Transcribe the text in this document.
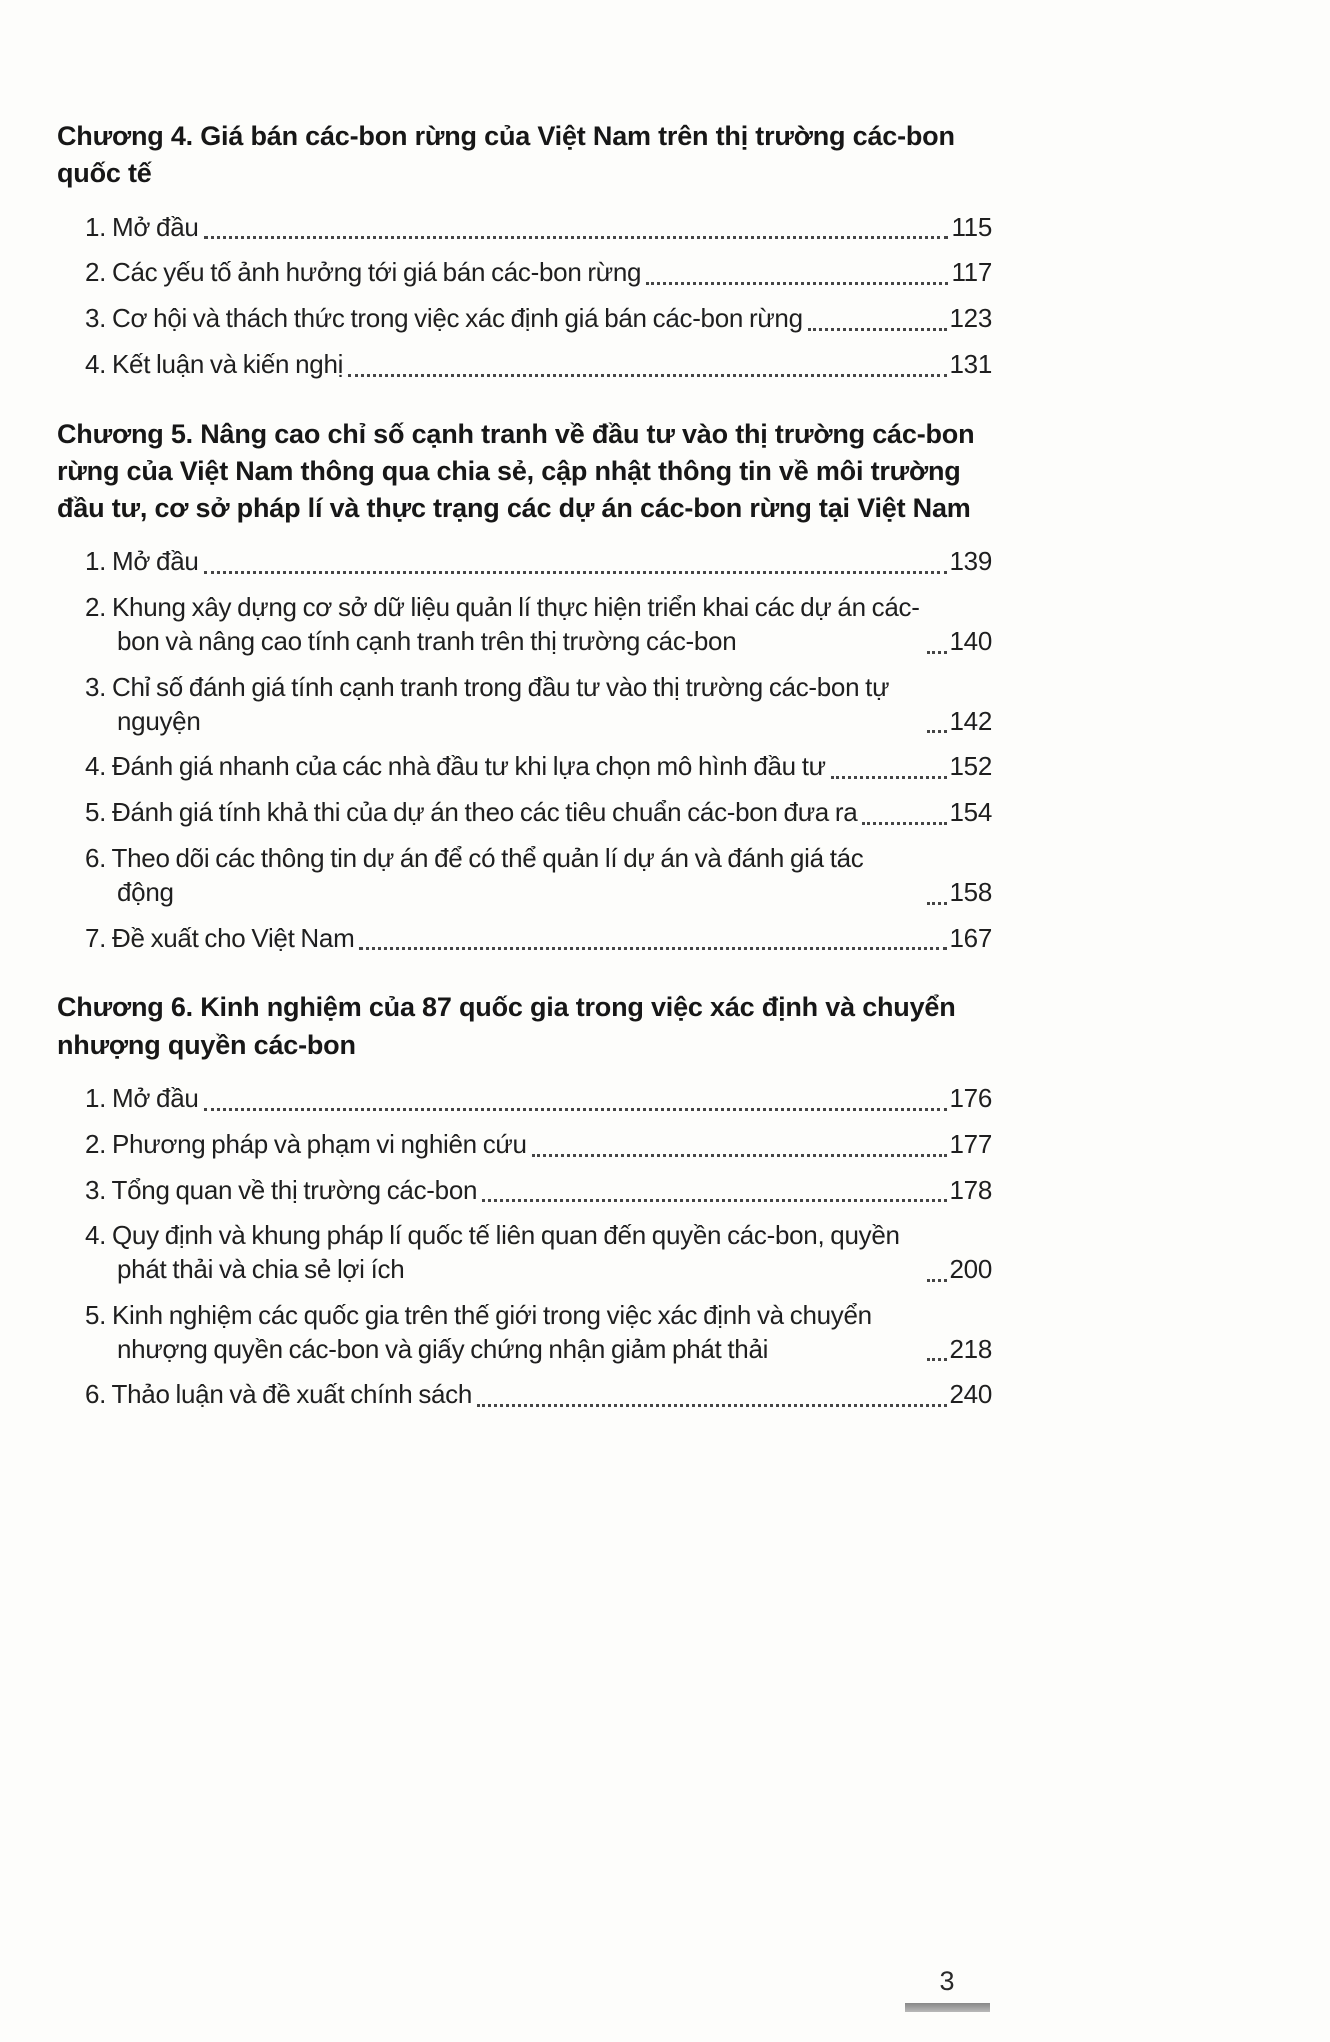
Chương 4. Giá bán các-bon rừng của Việt Nam trên thị trường các-bon quốc tế
1. Mở đầu	115
2. Các yếu tố ảnh hưởng tới giá bán các-bon rừng	117
3. Cơ hội và thách thức trong việc xác định giá bán các-bon rừng	123
4. Kết luận và kiến nghị	131
Chương 5. Nâng cao chỉ số cạnh tranh về đầu tư vào thị trường các-bon rừng của Việt Nam thông qua chia sẻ, cập nhật thông tin về môi trường đầu tư, cơ sở pháp lí và thực trạng các dự án các-bon rừng tại Việt Nam
1. Mở đầu	139
2. Khung xây dựng cơ sở dữ liệu quản lí thực hiện triển khai các dự án các-bon và nâng cao tính cạnh tranh trên thị trường các-bon	140
3. Chỉ số đánh giá tính cạnh tranh trong đầu tư vào thị trường các-bon tự nguyện	142
4. Đánh giá nhanh của các nhà đầu tư khi lựa chọn mô hình đầu tư	152
5. Đánh giá tính khả thi của dự án theo các tiêu chuẩn các-bon đưa ra	154
6. Theo dõi các thông tin dự án để có thể quản lí dự án và đánh giá tác động	158
7. Đề xuất cho Việt Nam	167
Chương 6. Kinh nghiệm của 87 quốc gia trong việc xác định và chuyển nhượng quyền các-bon
1. Mở đầu	176
2. Phương pháp và phạm vi nghiên cứu	177
3. Tổng quan về thị trường các-bon	178
4. Quy định và khung pháp lí quốc tế liên quan đến quyền các-bon, quyền phát thải và chia sẻ lợi ích	200
5. Kinh nghiệm các quốc gia trên thế giới trong việc xác định và chuyển nhượng quyền các-bon và giấy chứng nhận giảm phát thải	218
6. Thảo luận và đề xuất chính sách	240
3
